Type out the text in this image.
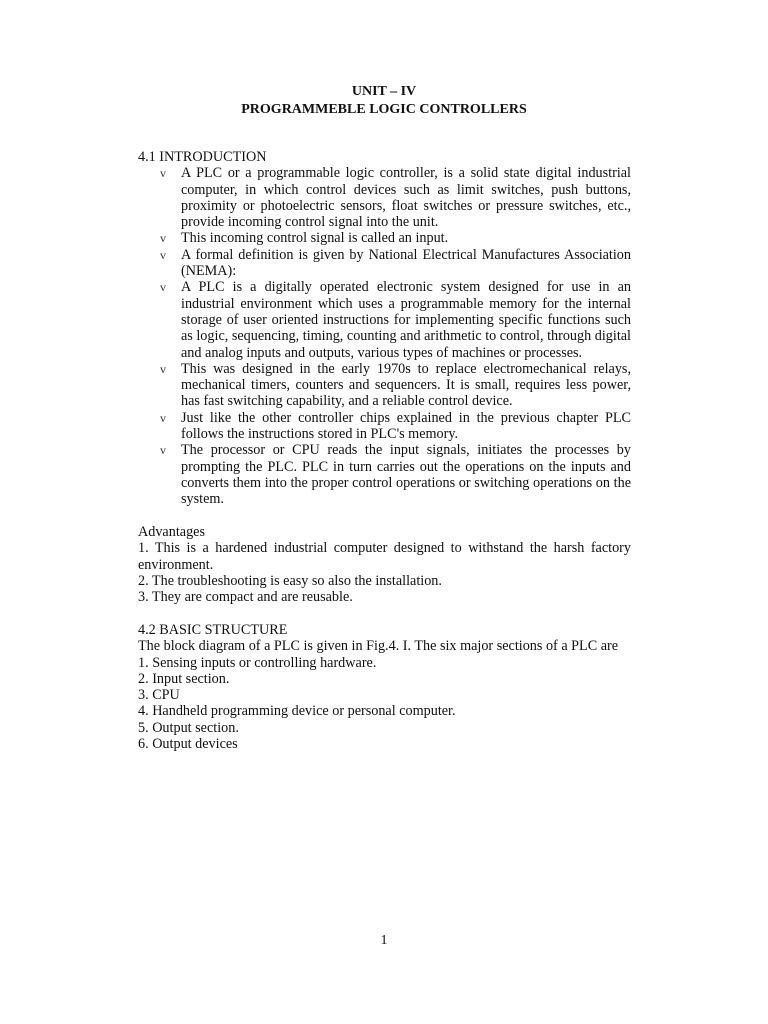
UNIT – IV
PROGRAMMEBLE LOGIC CONTROLLERS

4.1 INTRODUCTION

v A PLC or a programmable logic controller, is a solid state digital industrial computer, in which control devices such as limit switches, push buttons, proximity or photoelectric sensors, float switches or pressure switches, etc., provide incoming control signal into the unit.
v This incoming control signal is called an input.
v A formal definition is given by National Electrical Manufactures Association (NEMA):
v A PLC is a digitally operated electronic system designed for use in an industrial environment which uses a programmable memory for the internal storage of user oriented instructions for implementing specific functions such as logic, sequencing, timing, counting and arithmetic to control, through digital and analog inputs and outputs, various types of machines or processes.
v This was designed in the early 1970s to replace electromechanical relays, mechanical timers, counters and sequencers. It is small, requires less power, has fast switching capability, and a reliable control device.
v Just like the other controller chips explained in the previous chapter PLC follows the instructions stored in PLC's memory.
v The processor or CPU reads the input signals, initiates the processes by prompting the PLC. PLC in turn carries out the operations on the inputs and converts them into the proper control operations or switching operations on the system.

Advantages

1. This is a hardened industrial computer designed to withstand the harsh factory environment.

2. The troubleshooting is easy so also the installation.

3. They are compact and are reusable.

4.2 BASIC STRUCTURE

The block diagram of a PLC is given in Fig.4. I. The six major sections of a PLC are

1. Sensing inputs or controlling hardware.

2. Input section.

3. CPU

4. Handheld programming device or personal computer.

5. Output section.

6. Output devices

1
